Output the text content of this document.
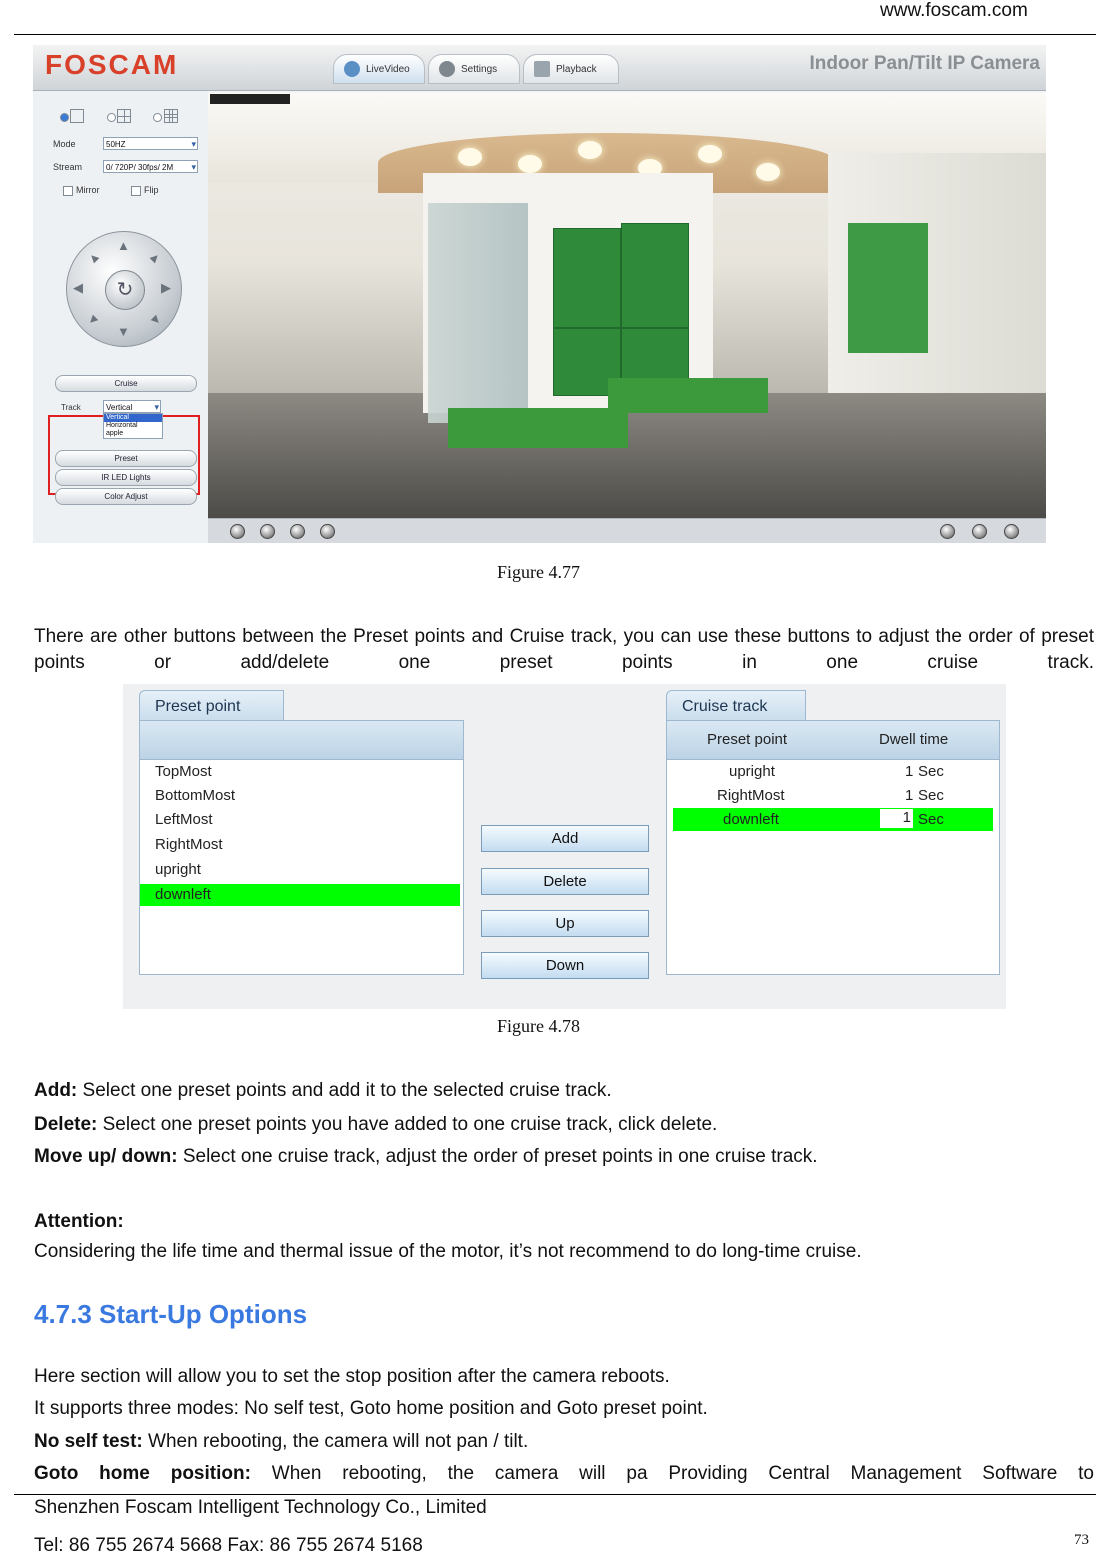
www.foscam.com
FOSCAM	LiveVideo	Settings	Playback	Indoor Pan/Tilt IP Camera
Mode	50HZ ▾
Stream	0/ 720P/ 30fps/ 2M ▾
Mirror	Flip
▲
▼
◀	▶
▲	▲
▼	▼
↻
Cruise
Track	Vertical ▾
Vertical
Horizontal
apple
Preset
IR LED Lights
Color Adjust
Figure 4.77
There are other buttons between the Preset points and Cruise track, you can use these buttons to adjust the order of preset points or add/delete one preset points in one cruise track.
Preset point
TopMost
BottomMost
LeftMost
RightMost
upright
downleft
Add
Delete
Up
Down
Cruise track
Preset point	Dwell time
upright	1 Sec
RightMost	1 Sec
downleft	1 Sec
Figure 4.78
Add: Select one preset points and add it to the selected cruise track.
Delete: Select one preset points you have added to one cruise track, click delete.
Move up/ down: Select one cruise track, adjust the order of preset points in one cruise track.
Attention:
Considering the life time and thermal issue of the motor, it’s not recommend to do long-time cruise.
4.7.3 Start-Up Options
Here section will allow you to set the stop position after the camera reboots.
It supports three modes: No self test, Goto home position and Goto preset point.
No self test: When rebooting, the camera will not pan / tilt.
Goto home position: When rebooting, the camera will pa Providing Central Management Software to
Shenzhen Foscam Intelligent Technology Co., Limited
Tel: 86 755 2674 5668 Fax: 86 755 2674 5168	73
